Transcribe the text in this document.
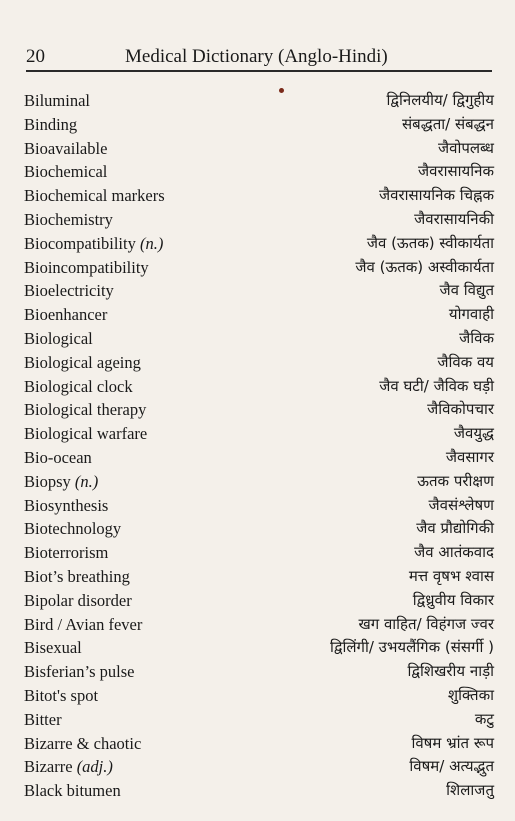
20	Medical Dictionary (Anglo-Hindi)
Biluminal	द्विनिलयीय/ द्विगुहीय
Binding	संबद्धता/ संबद्धन
Bioavailable	जैवोपलब्ध
Biochemical	जैवरासायनिक
Biochemical markers	जैवरासायनिक चिह्नक
Biochemistry	जैवरासायनिकी
Biocompatibility (n.)	जैव (ऊतक) स्वीकार्यता
Bioincompatibility	जैव (ऊतक) अस्वीकार्यता
Bioelectricity	जैव विद्युत
Bioenhancer	योगवाही
Biological	जैविक
Biological ageing	जैविक वय
Biological clock	जैव घटी/ जैविक घड़ी
Biological therapy	जैविकोपचार
Biological warfare	जैवयुद्ध
Bio-ocean	जैवसागर
Biopsy (n.)	ऊतक परीक्षण
Biosynthesis	जैवसंश्लेषण
Biotechnology	जैव प्रौद्योगिकी
Bioterrorism	जैव आतंकवाद
Biot’s breathing	मत्त वृषभ श्वास
Bipolar disorder	द्विध्रुवीय विकार
Bird / Avian fever	खग वाहित/ विहंगज ज्वर
Bisexual	द्विलिंगी/ उभयलैंगिक (संसर्गी )
Bisferian’s pulse	द्विशिखरीय नाड़ी
Bitot's spot	शुक्तिका
Bitter	कटु
Bizarre & chaotic	विषम भ्रांत रूप
Bizarre (adj.)	विषम/ अत्यद्भुत
Black bitumen	शिलाजतु
